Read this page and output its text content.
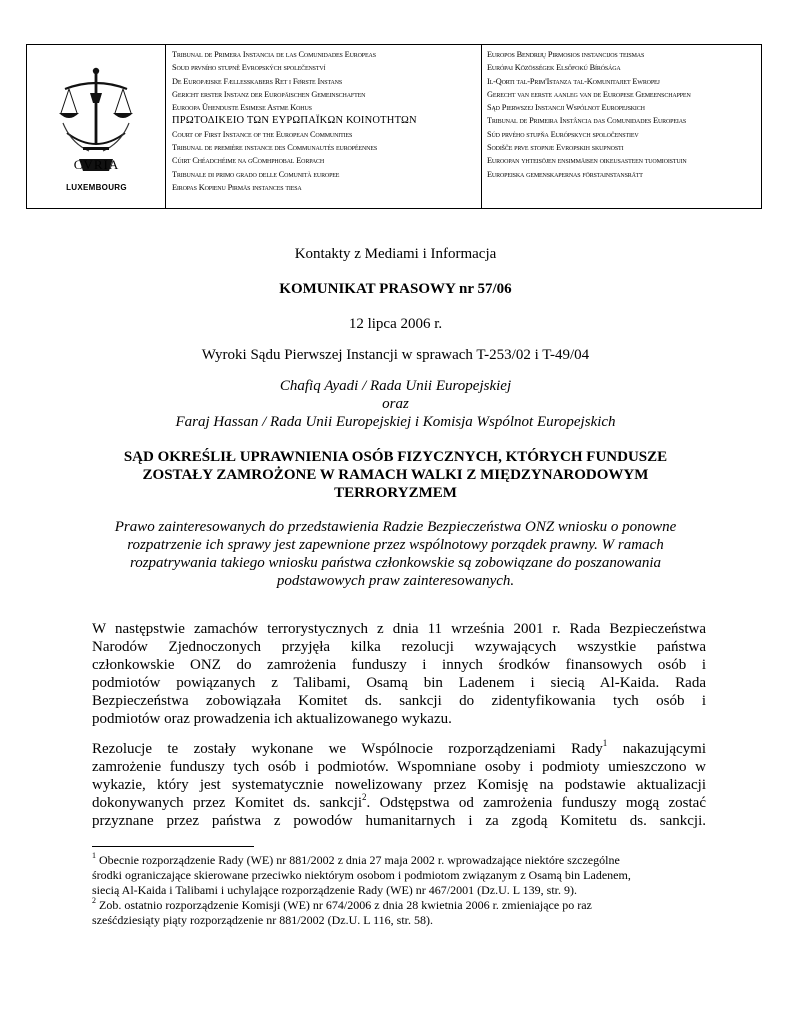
CVRIA
LUXEMBOURG
Tribunal de Primera Instancia de las Comunidades Europeas
Soud prvního stupně Evropských společenství
De Europæiske Fællesskabers Ret i Første Instans
Gericht erster Instanz der Europäischen Gemeinschaften
Euroopa Ühenduste Esimese Astme Kohus
ΠΡΩΤΟΔΙΚΕΙΟ ΤΩΝ ΕΥΡΩΠΑΪΚΩΝ ΚΟΙΝΟΤΗΤΩΝ
Court of First Instance of the European Communities
Tribunal de première instance des Communautés européennes
Cúirt Chéadchéime na gComhphobal Eorpach
Tribunale di primo grado delle Comunità europee
Eiropas Kopienu Pirmās instances tiesa
Europos Bendrijų Pirmosios instancijos teismas
Európai Közösségek Elsőfokú Bírósága
Il-Qorti tal-Prim'Istanza tal-Komunitajiet Ewropej
Gerecht van eerste aanleg van de Europese Gemeenschappen
Sąd Pierwszej Instancji Wspólnot Europejskich
Tribunal de Primeira Instância das Comunidades Europeias
Súd prvého stupňa Európskych spoločenstiev
Sodišče prve stopnje Evropskih skupnosti
Euroopan yhteisöjen ensimmäisen oikeusasteen tuomioistuin
Europeiska gemenskapernas förstainstansrätt
Kontakty z Mediami i Informacja
KOMUNIKAT PRASOWY nr 57/06
12 lipca 2006 r.
Wyroki Sądu Pierwszej Instancji w sprawach T-253/02 i T-49/04
Chafiq Ayadi / Rada Unii Europejskiej
oraz
Faraj Hassan / Rada Unii Europejskiej i Komisja Wspólnot Europejskich
SĄD OKREŚLIŁ UPRAWNIENIA OSÓB FIZYCZNYCH, KTÓRYCH FUNDUSZE
ZOSTAŁY ZAMROŻONE W RAMACH WALKI Z MIĘDZYNARODOWYM
TERRORYZMEM
Prawo zainteresowanych do przedstawienia Radzie Bezpieczeństwa ONZ wniosku o ponowne
rozpatrzenie ich sprawy jest zapewnione przez wspólnotowy porządek prawny. W ramach
rozpatrywania takiego wniosku państwa członkowskie są zobowiązane do poszanowania
podstawowych praw zainteresowanych.
W następstwie zamachów terrorystycznych z dnia 11 września 2001 r. Rada Bezpieczeństwa
Narodów Zjednoczonych przyjęła kilka rezolucji wzywających wszystkie państwa
członkowskie ONZ do zamrożenia funduszy i innych środków finansowych osób i
podmiotów powiązanych z Talibami, Osamą bin Ladenem i siecią Al-Kaida. Rada
Bezpieczeństwa zobowiązała Komitet ds. sankcji do zidentyfikowania tych osób i
podmiotów oraz prowadzenia ich aktualizowanego wykazu.
Rezolucje te zostały wykonane we Wspólnocie rozporządzeniami Rady$^1$ nakazującymi
zamrożenie funduszy tych osób i podmiotów. Wspomniane osoby i podmioty umieszczono w
wykazie, który jest systematycznie nowelizowany przez Komisję na podstawie aktualizacji
dokonywanych przez Komitet ds. sankcji$^2$. Odstępstwa od zamrożenia funduszy mogą zostać
przyznane przez państwa z powodów humanitarnych i za zgodą Komitetu ds. sankcji.
$^1$ Obecnie rozporządzenie Rady (WE) nr 881/2002 z dnia 27 maja 2002 r. wprowadzające niektóre szczególne
środki ograniczające skierowane przeciwko niektórym osobom i podmiotom związanym z Osamą bin Ladenem,
siecią Al-Kaida i Talibami i uchylające rozporządzenie Rady (WE) nr 467/2001 (Dz.U. L 139, str. 9).
$^2$ Zob. ostatnio rozporządzenie Komisji (WE) nr 674/2006 z dnia 28 kwietnia 2006 r. zmieniające po raz
sześćdziesiąty piąty rozporządzenie nr 881/2002 (Dz.U. L 116, str. 58).
